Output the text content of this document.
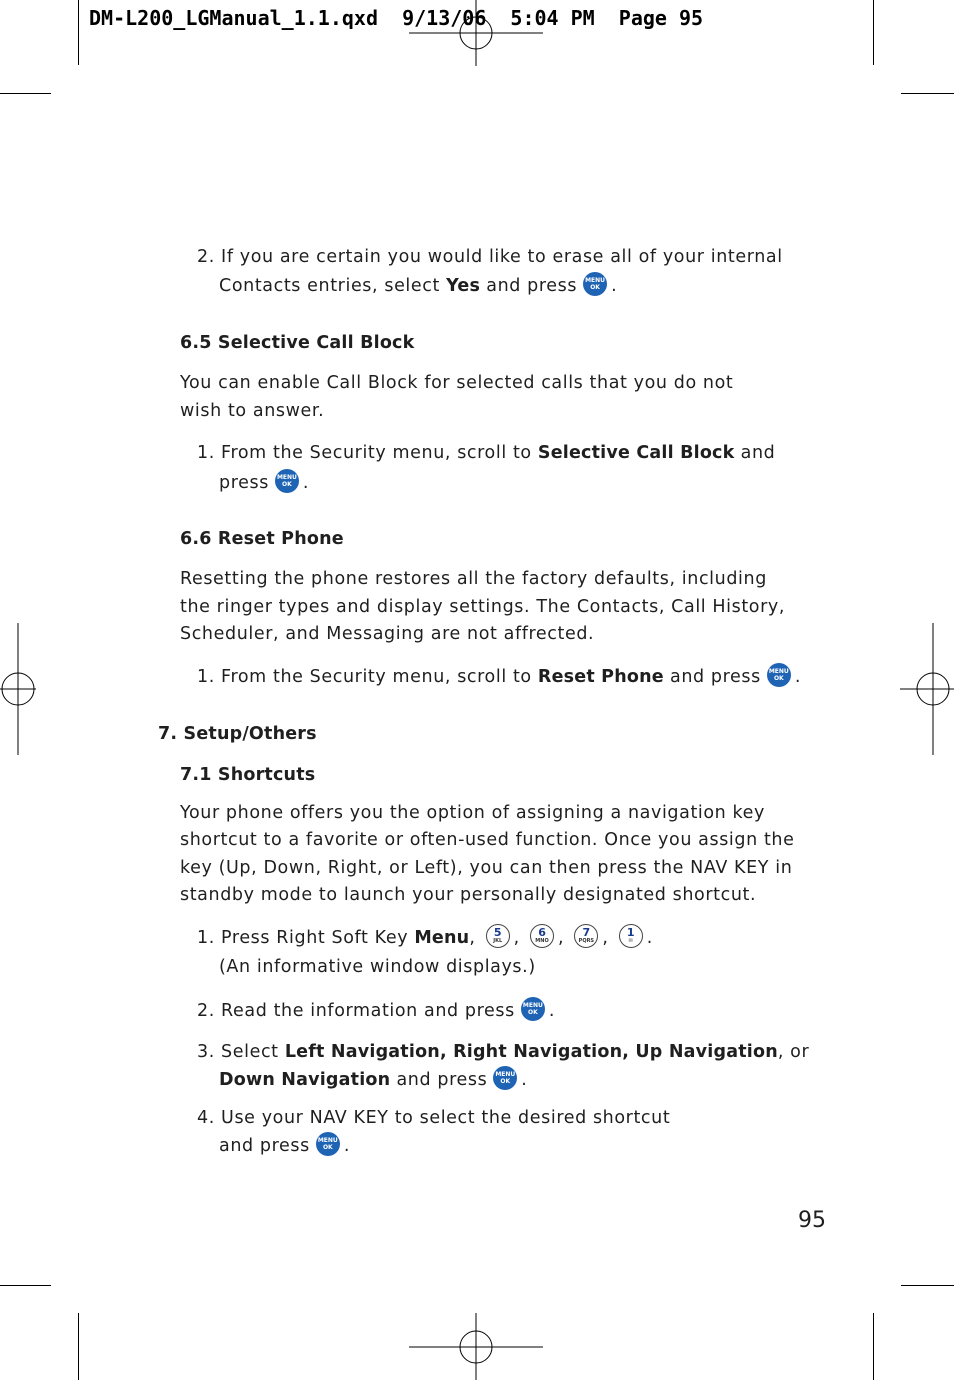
DM-L200_LGManual_1.1.qxd  9/13/06  5:04 PM  Page 95
2. If you are certain you would like to erase all of your internal
Contacts entries, select Yes and press MENU
OK .
6.5 Selective Call Block
You can enable Call Block for selected calls that you do not
wish to answer.
1. From the Security menu, scroll to Selective Call Block and
press MENU
OK .
6.6 Reset Phone
Resetting the phone restores all the factory defaults, including
the ringer types and display settings. The Contacts, Call History,
Scheduler, and Messaging are not affrected.
1. From the Security menu, scroll to Reset Phone and press MENU
OK .
7. Setup/Others
7.1 Shortcuts
Your phone offers you the option of assigning a navigation key
shortcut to a favorite or often-used function. Once you assign the
key (Up, Down, Right, or Left), you can then press the NAV KEY in
standby mode to launch your personally designated shortcut.
1. Press Right Soft Key Menu,	5
JKL ,	6
MNO ,	7
PQRS ,	1
✉ .
(An informative window displays.)
2. Read the information and press MENU
OK .
3. Select Left Navigation, Right Navigation, Up Navigation, or
Down Navigation and press MENU
OK .
4. Use your NAV KEY to select the desired shortcut
and press MENU
OK .
95
